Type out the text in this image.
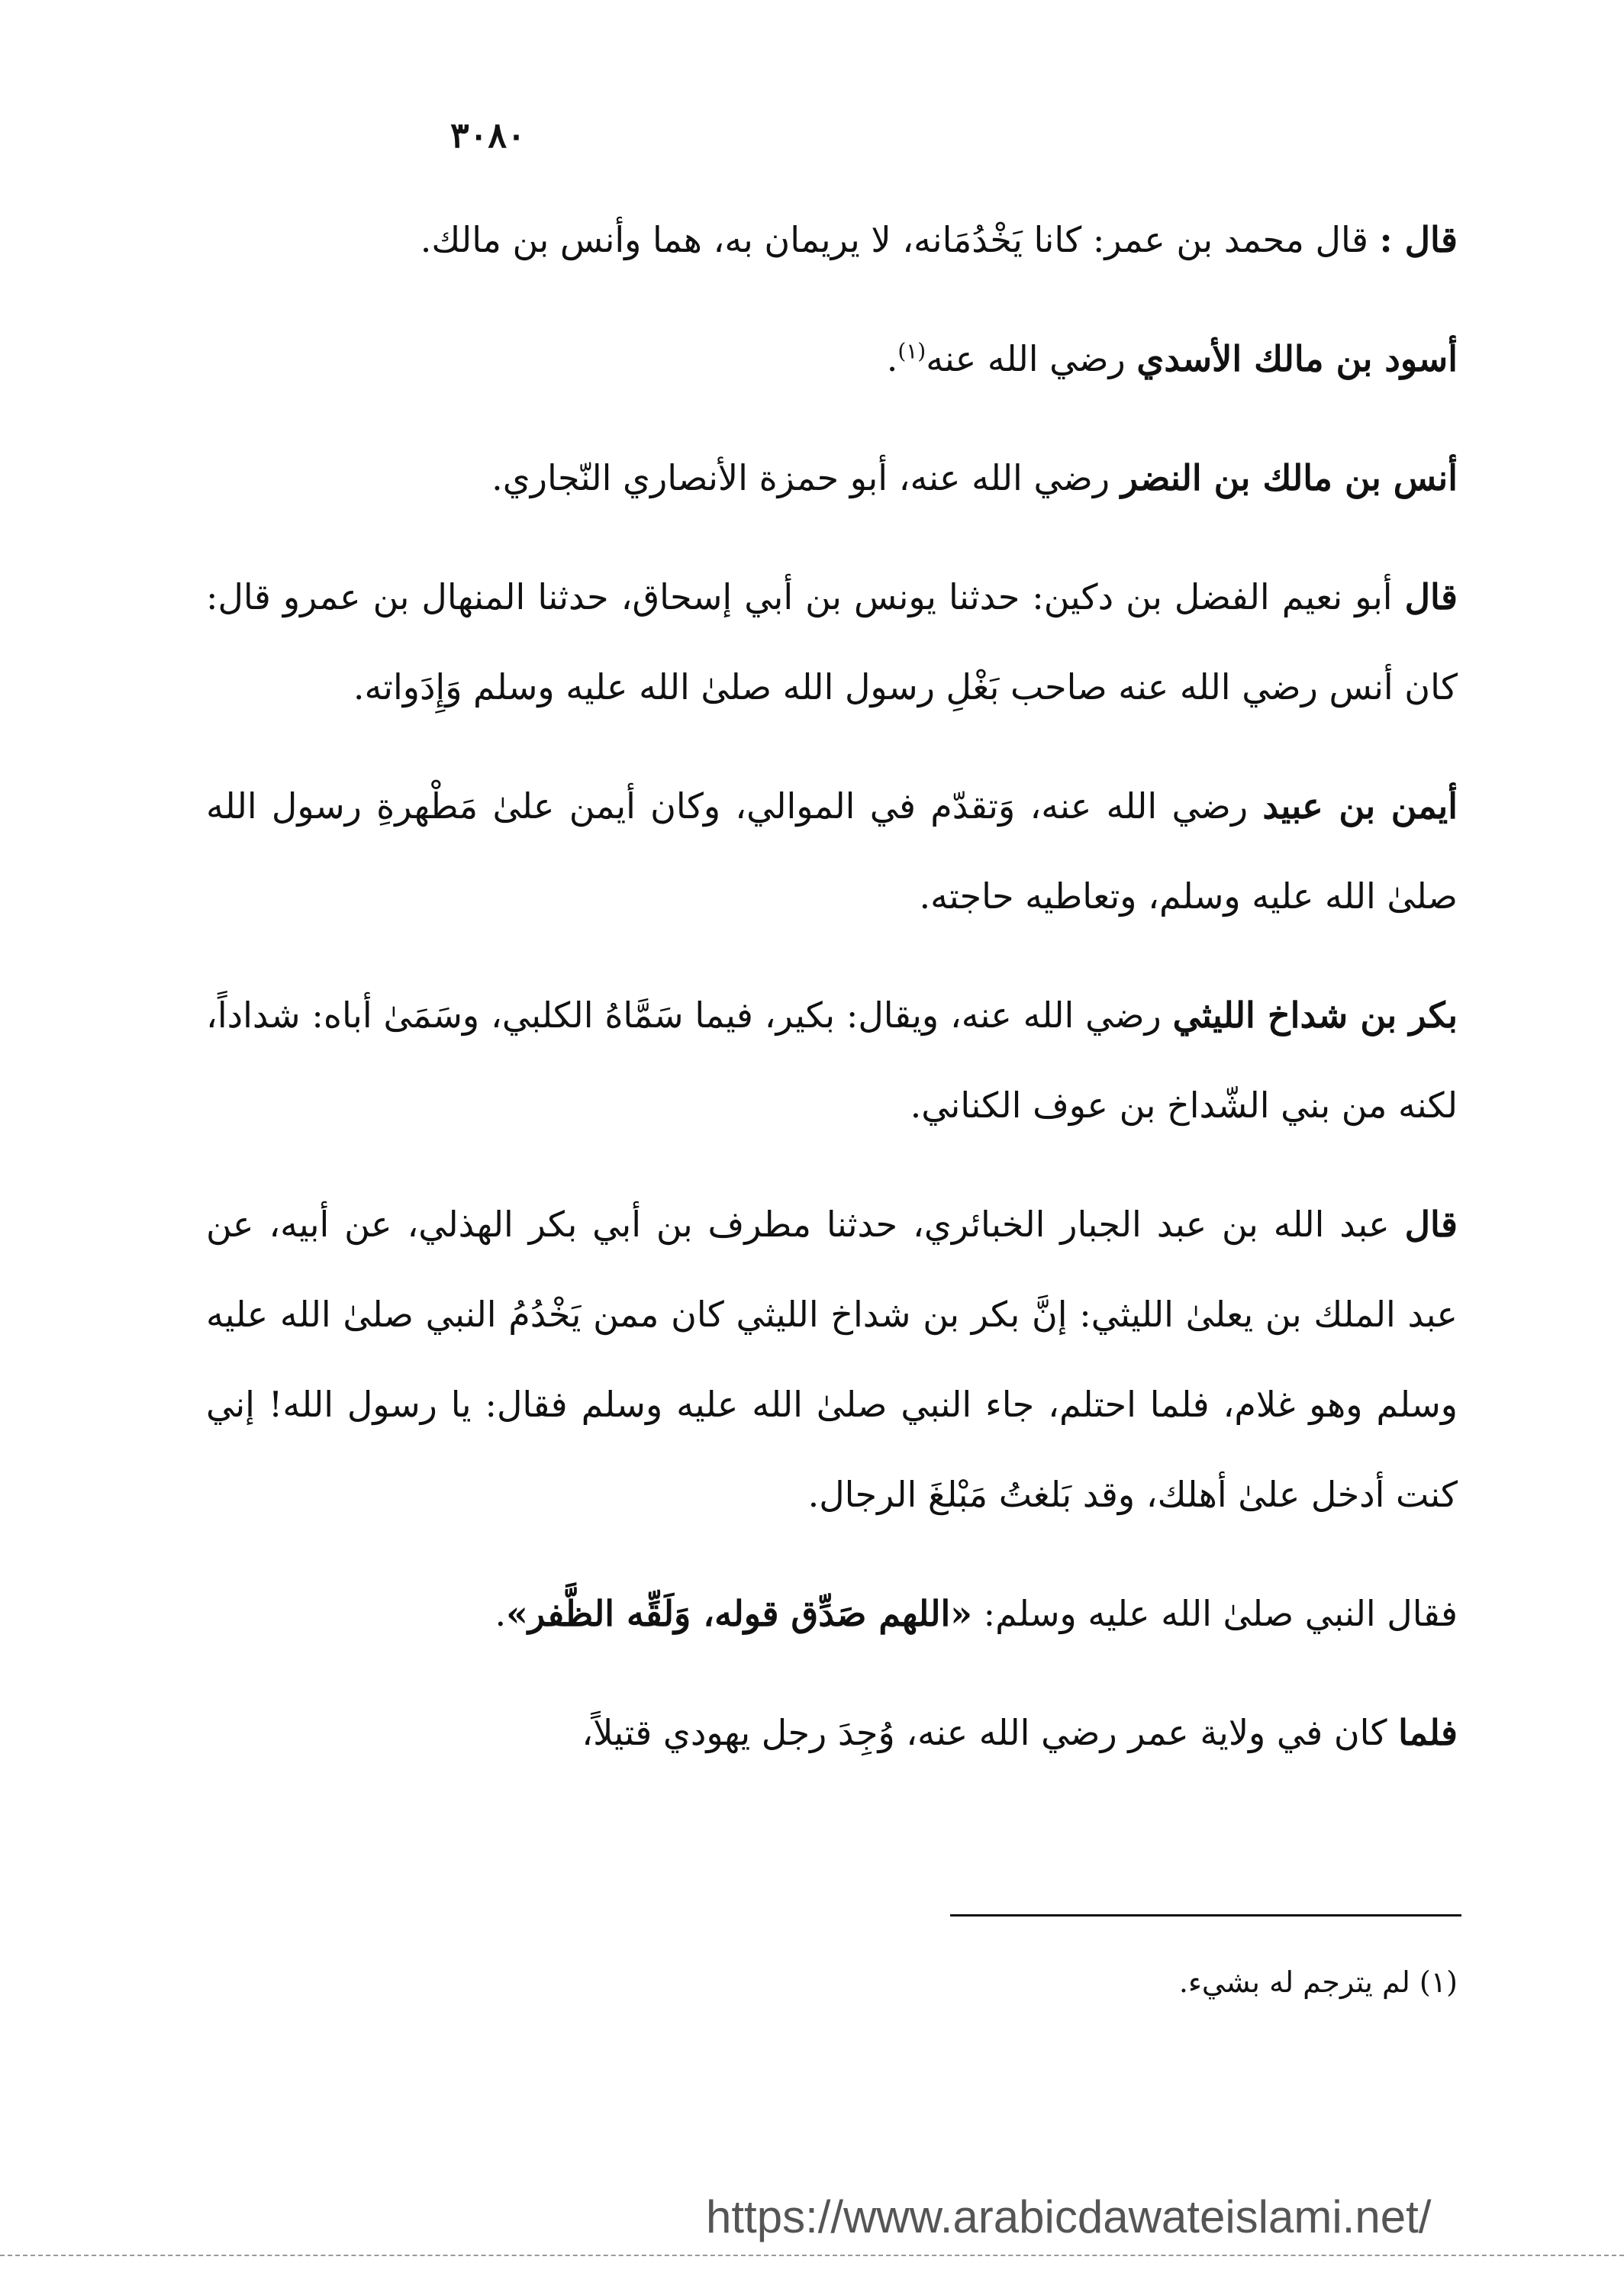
٣٠٨٠

قال : قال محمد بن عمر: كانا يَخْدُمَانه، لا يريمان به، هما وأنس بن مالك.

أسود بن مالك الأسدي رضي الله عنه$^{(١)}$.

أنس بن مالك بن النضر رضي الله عنه، أبو حمزة الأنصاري النّجاري.

قال أبو نعيم الفضل بن دكين: حدثنا يونس بن أبي إسحاق، حدثنا المنهال بن عمرو قال: كان أنس رضي الله عنه صاحب بَغْلِ رسول الله صلىٰ الله عليه وسلم وَإِدَواته.

أيمن بن عبيد رضي الله عنه، وَتقدّم في الموالي، وكان أيمن علىٰ مَطْهرةِ رسول الله صلىٰ الله عليه وسلم، وتعاطيه حاجته.

بكر بن شداخ الليثي رضي الله عنه، ويقال: بكير، فيما سَمَّاهُ الكلبي، وسَمَىٰ أباه: شداداً، لكنه من بني الشّداخ بن عوف الكناني.

قال عبد الله بن عبد الجبار الخبائري، حدثنا مطرف بن أبي بكر الهذلي، عن أبيه، عن عبد الملك بن يعلىٰ الليثي: إنَّ بكر بن شداخ الليثي كان ممن يَخْدُمُ النبي صلىٰ الله عليه وسلم وهو غلام، فلما احتلم، جاء النبي صلىٰ الله عليه وسلم فقال: يا رسول الله! إني كنت أدخل علىٰ أهلك، وقد بَلغتُ مَبْلغَ الرجال.

فقال النبي صلىٰ الله عليه وسلم: «اللهم صَدِّق قوله، وَلَقِّه الظَّفر».

فلما كان في ولاية عمر رضي الله عنه، وُجِدَ رجل يهودي قتيلاً،

(١) لم يترجم له بشيء.
https://www.arabicdawateislami.net/
